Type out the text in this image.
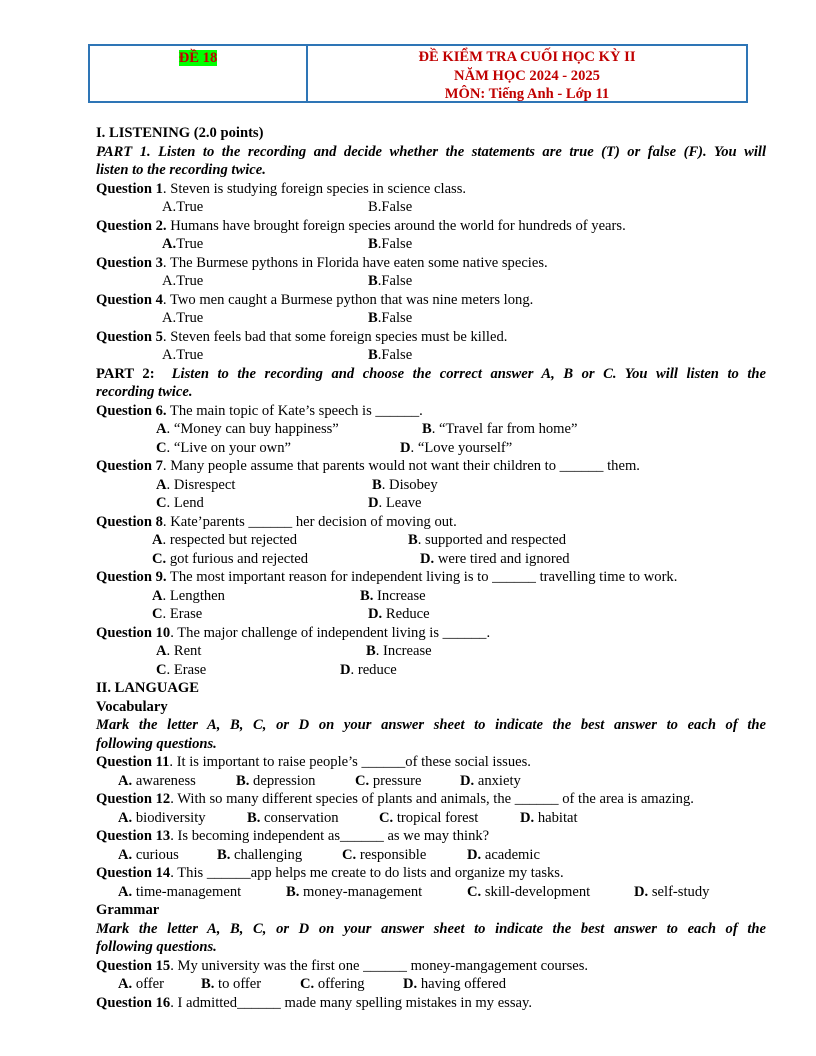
ĐỀ 18	ĐỀ KIỂM TRA CUỐI HỌC KỲ II
NĂM HỌC 2024 - 2025
MÔN: Tiếng Anh - Lớp 11
I. LISTENING (2.0 points)
PART 1. Listen to the recording and decide whether the statements are true (T) or false (F). You will
listen to the recording twice.
Question 1. Steven is studying foreign species in science class.
A.True	B.False
Question 2. Humans have brought foreign species around the world for hundreds of years.
A.True	B.False
Question 3. The Burmese pythons in Florida have eaten some native species.
A.True	B.False
Question 4. Two men caught a Burmese python that was nine meters long.
A.True	B.False
Question 5. Steven feels bad that some foreign species must be killed.
A.True	B.False
PART 2: Listen to the recording and choose the correct answer A, B or C. You will listen to the
recording twice.
Question 6. The main topic of Kate’s speech is ______.
A. “Money can buy happiness”	B. “Travel far from home”
C. “Live on your own”	D. “Love yourself”
Question 7. Many people assume that parents would not want their children to ______ them.
A. Disrespect	B. Disobey
C. Lend	D. Leave
Question 8. Kate’parents ______ her decision of moving out.
A. respected but rejected	B. supported and respected
C. got furious and rejected	D. were tired and ignored
Question 9. The most important reason for independent living is to ______ travelling time to work.
A. Lengthen	B. Increase
C. Erase	D. Reduce
Question 10. The major challenge of independent living is ______.
A. Rent	B. Increase
C. Erase	D. reduce
II. LANGUAGE
Vocabulary
Mark the letter A, B, C, or D on your answer sheet to indicate the best answer to each of the
following questions.
Question 11. It is important to raise people’s ______of these social issues.
A. awareness	B. depression	C. pressure	D. anxiety
Question 12. With so many different species of plants and animals, the ______ of the area is amazing.
A. biodiversity	B. conservation	C. tropical forest	D. habitat
Question 13. Is becoming independent as______ as we may think?
A. curious	B. challenging	C. responsible	D. academic
Question 14. This ______app helps me create to do lists and organize my tasks.
A. time-management	B. money-management	C. skill-development	D. self-study
Grammar
Mark the letter A, B, C, or D on your answer sheet to indicate the best answer to each of the
following questions.
Question 15. My university was the first one ______ money-mangagement courses.
A. offer	B. to offer	C. offering	D. having offered
Question 16. I admitted______ made many spelling mistakes in my essay.
